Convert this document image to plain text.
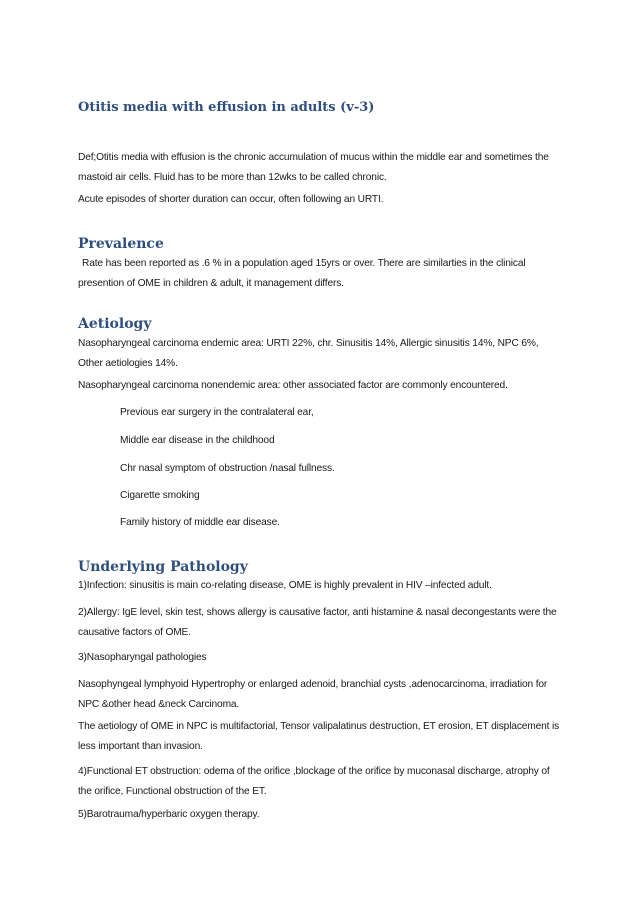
Otitis media with effusion in adults (v-3)

Def;Otitis media with effusion is the chronic accumulation of mucus within the middle ear and sometimes the mastoid air cells. Fluid has to be more than 12wks to be called chronic.

Acute episodes of shorter duration can occur, often following an URTI.

Prevalence

Rate has been reported as .6 % in a population aged 15yrs or over. There are similarties in the clinical presention of OME in children & adult, it management differs.

Aetiology

Nasopharyngeal carcinoma endemic area: URTI 22%, chr. Sinusitis 14%, Allergic sinusitis 14%, NPC 6%, Other aetiologies 14%.

Nasopharyngeal carcinoma nonendemic area: other associated factor are commonly encountered.

Previous ear surgery in the contralateral ear,

Middle ear disease in the childhood

Chr nasal symptom of obstruction /nasal fullness.

Cigarette smoking

Family history of middle ear disease.

Underlying Pathology

1)Infection: sinusitis is main co-relating disease, OME is highly prevalent in HIV –infected adult.

2)Allergy: IgE level, skin test, shows allergy is causative factor, anti histamine & nasal decongestants were the causative factors of OME.

3)Nasopharyngal pathologies

Nasophyngeal lymphyoid Hypertrophy or enlarged adenoid, branchial cysts ,adenocarcinoma, irradiation for NPC &other head &neck Carcinoma.

The aetiology of OME in NPC is multifactorial, Tensor valipalatinus destruction, ET erosion, ET displacement is less important than invasion.

4)Functional ET obstruction: odema of the orifice ,blockage of the orifice by muconasal discharge, atrophy of the orifice, Functional obstruction of the ET.

5)Barotrauma/hyperbaric oxygen therapy.
